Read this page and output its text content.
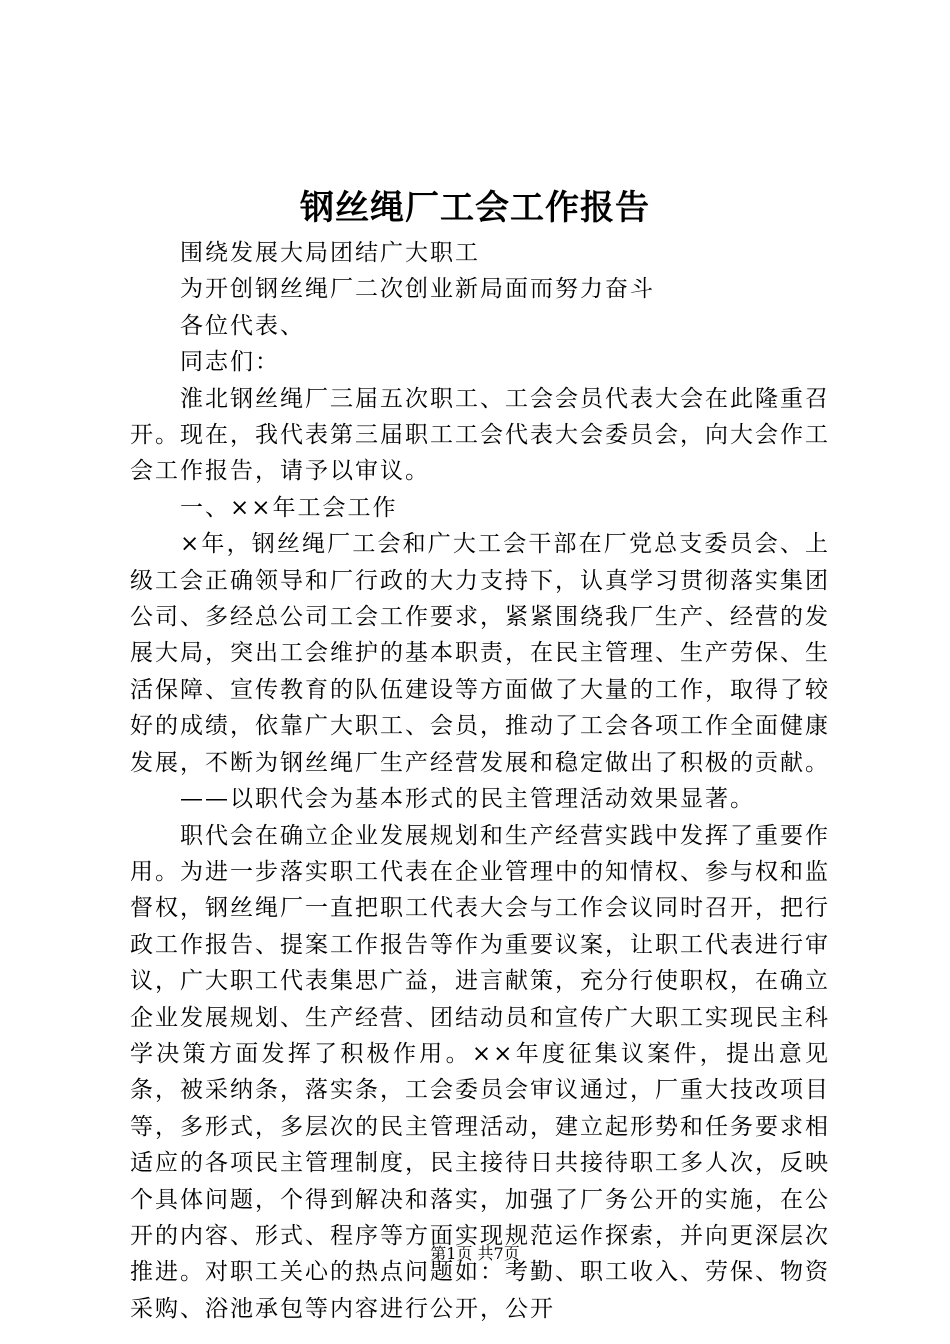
钢丝绳厂工会工作报告

围绕发展大局团结广大职工

为开创钢丝绳厂二次创业新局面而努力奋斗

各位代表、

同志们：

淮北钢丝绳厂三届五次职工、工会会员代表大会在此隆重召开。现在，我代表第三届职工工会代表大会委员会，向大会作工会工作报告，请予以审议。

一、××年工会工作

×年，钢丝绳厂工会和广大工会干部在厂党总支委员会、上级工会正确领导和厂行政的大力支持下，认真学习贯彻落实集团公司、多经总公司工会工作要求，紧紧围绕我厂生产、经营的发展大局，突出工会维护的基本职责，在民主管理、生产劳保、生活保障、宣传教育的队伍建设等方面做了大量的工作，取得了较好的成绩，依靠广大职工、会员，推动了工会各项工作全面健康发展，不断为钢丝绳厂生产经营发展和稳定做出了积极的贡献。

——以职代会为基本形式的民主管理活动效果显著。

职代会在确立企业发展规划和生产经营实践中发挥了重要作用。为进一步落实职工代表在企业管理中的知情权、参与权和监督权，钢丝绳厂一直把职工代表大会与工作会议同时召开，把行政工作报告、提案工作报告等作为重要议案，让职工代表进行审议，广大职工代表集思广益，进言献策，充分行使职权，在确立企业发展规划、生产经营、团结动员和宣传广大职工实现民主科学决策方面发挥了积极作用。××年度征集议案件，提出意见条，被采纳条，落实条，工会委员会审议通过，厂重大技改项目等，多形式，多层次的民主管理活动，建立起形势和任务要求相适应的各项民主管理制度，民主接待日共接待职工多人次，反映个具体问题，个得到解决和落实，加强了厂务公开的实施，在公开的内容、形式、程序等方面实现规范运作探索，并向更深层次推进。对职工关心的热点问题如：考勤、职工收入、劳保、物资采购、浴池承包等内容进行公开，公开

第1页 共7页
